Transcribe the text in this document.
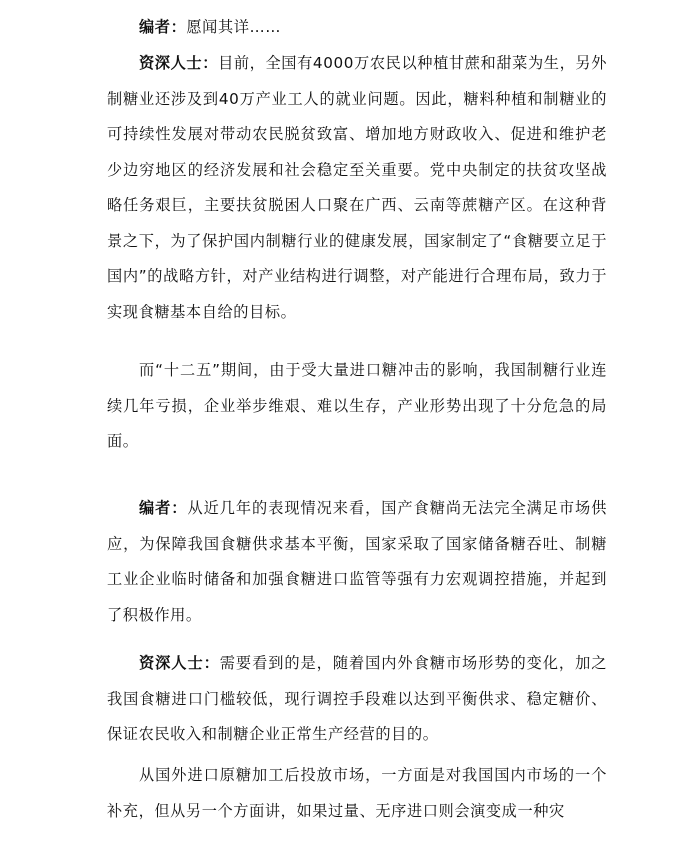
编者：愿闻其详……

资深人士：目前，全国有4000万农民以种植甘蔗和甜菜为生，另外制糖业还涉及到40万产业工人的就业问题。因此，糖料种植和制糖业的可持续性发展对带动农民脱贫致富、增加地方财政收入、促进和维护老少边穷地区的经济发展和社会稳定至关重要。党中央制定的扶贫攻坚战略任务艰巨，主要扶贫脱困人口聚在广西、云南等蔗糖产区。在这种背景之下，为了保护国内制糖行业的健康发展，国家制定了“食糖要立足于国内”的战略方针，对产业结构进行调整，对产能进行合理布局，致力于实现食糖基本自给的目标。

而“十二五”期间，由于受大量进口糖冲击的影响，我国制糖行业连续几年亏损，企业举步维艰、难以生存，产业形势出现了十分危急的局面。

编者：从近几年的表现情况来看，国产食糖尚无法完全满足市场供应，为保障我国食糖供求基本平衡，国家采取了国家储备糖吞吐、制糖工业企业临时储备和加强食糖进口监管等强有力宏观调控措施，并起到了积极作用。

资深人士：需要看到的是，随着国内外食糖市场形势的变化，加之我国食糖进口门槛较低，现行调控手段难以达到平衡供求、稳定糖价、保证农民收入和制糖企业正常生产经营的目的。

从国外进口原糖加工后投放市场，一方面是对我国国内市场的一个补充，但从另一个方面讲，如果过量、无序进口则会演变成一种灾
